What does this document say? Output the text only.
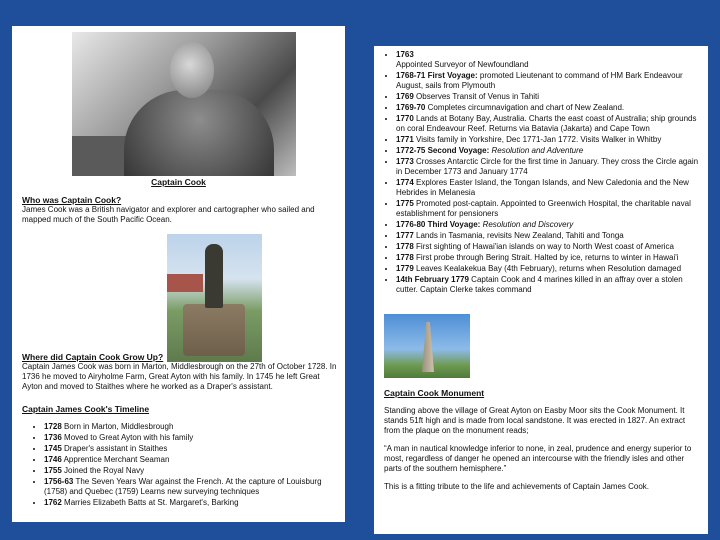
Captain Cook
Who was Captain Cook?

James Cook was a British navigator and explorer and cartographer who sailed and mapped much of the South Pacific Ocean.

Where did Captain Cook Grow Up?

Captain James Cook was born in Marton, Middlesbrough on the 27th of October 1728. In 1736 he moved to Airyholme Farm, Great Ayton with his family. In 1745 he left Great Ayton and moved to Staithes where he worked as a Draper's assistant.

Captain James Cook's Timeline
• 1728 Born in Marton, Middlesbrough
• 1736 Moved to Great Ayton with his family
• 1745 Draper's assistant in Staithes
• 1746 Apprentice Merchant Seaman
• 1755 Joined the Royal Navy
• 1756-63 The Seven Years War against the French. At the capture of Louisburg (1758) and Quebec (1759) Learns new surveying techniques
• 1762 Marries Elizabeth Batts at St. Margaret's, Barking
• 1763
Appointed Surveyor of Newfoundland
• 1768-71 First Voyage: promoted Lieutenant to command of HM Bark Endeavour August, sails from Plymouth
• 1769 Observes Transit of Venus in Tahiti
• 1769-70 Completes circumnavigation and chart of New Zealand.
• 1770 Lands at Botany Bay, Australia. Charts the east coast of Australia; ship grounds on coral Endeavour Reef. Returns via Batavia (Jakarta) and Cape Town
• 1771 Visits family in Yorkshire, Dec 1771-Jan 1772. Visits Walker in Whitby
• 1772-75 Second Voyage: Resolution and Adventure
• 1773 Crosses Antarctic Circle for the first time in January. They cross the Circle again in December 1773 and January 1774
• 1774 Explores Easter Island, the Tongan Islands, and New Caledonia and the New Hebrides in Melanesia
• 1775 Promoted post-captain. Appointed to Greenwich Hospital, the charitable naval establishment for pensioners
• 1776-80 Third Voyage: Resolution and Discovery
• 1777 Lands in Tasmania, revisits New Zealand, Tahiti and Tonga
• 1778 First sighting of Hawai'ian islands on way to North West coast of America
• 1778 First probe through Bering Strait. Halted by ice, returns to winter in Hawai'i
• 1779 Leaves Kealakekua Bay (4th February), returns when Resolution damaged
• 14th February 1779 Captain Cook and 4 marines killed in an affray over a stolen cutter. Captain Clerke takes command
Captain Cook Monument

Standing above the village of Great Ayton on Easby Moor sits the Cook Monument. It stands 51ft high and is made from local sandstone. It was erected in 1827. An extract from the plaque on the monument reads;

“A man in nautical knowledge inferior to none, in zeal, prudence and energy superior to most, regardless of danger he opened an intercourse with the friendly isles and other parts of the southern hemisphere.”

This is a fitting tribute to the life and achievements of Captain James Cook.

PIC·COLLAGE
